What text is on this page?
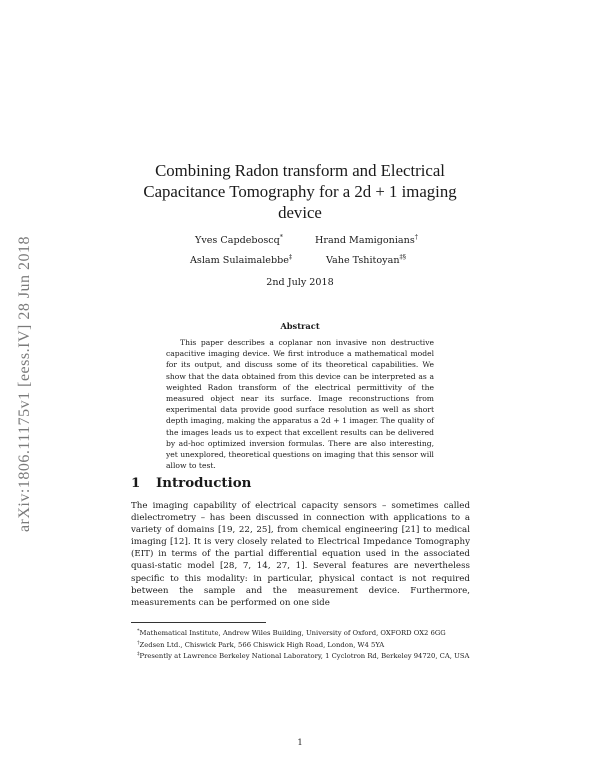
arXiv:1806.11175v1 [eess.IV] 28 Jun 2018
Combining Radon transform and Electrical
Capacitance Tomography for a 2d + 1 imaging
device
Yves Capdeboscq*	Hrand Mamigonians†
Aslam Sulaimalebbe‡	Vahe Tshitoyan‡§
2nd July 2018
Abstract

This paper describes a coplanar non invasive non destructive capacitive imaging device. We first introduce a mathematical model for its output, and discuss some of its theoretical capabilities. We show that the data obtained from this device can be interpreted as a weighted Radon transform of the electrical permittivity of the measured object near its surface. Image reconstructions from experimental data provide good surface resolution as well as short depth imaging, making the apparatus a 2d + 1 imager. The quality of the images leads us to expect that excellent results can be delivered by ad-hoc optimized inversion formulas. There are also interesting, yet unexplored, theoretical questions on imaging that this sensor will allow to test.

1 Introduction

The imaging capability of electrical capacity sensors – sometimes called dielectrometry – has been discussed in connection with applications to a variety of domains [19, 22, 25], from chemical engineering [21] to medical imaging [12]. It is very closely related to Electrical Impedance Tomography (EIT) in terms of the partial differential equation used in the associated quasi-static model [28, 7, 14, 27, 1]. Several features are nevertheless specific to this modality: in particular, physical contact is not required between the sample and the measurement device. Furthermore, measurements can be performed on one side

*Mathematical Institute, Andrew Wiles Building, University of Oxford, OXFORD OX2 6GG

†Zedsen Ltd., Chiswick Park, 566 Chiswick High Road, London, W4 5YA

‡Presently at Lawrence Berkeley National Laboratory, 1 Cyclotron Rd, Berkeley 94720, CA, USA

1
